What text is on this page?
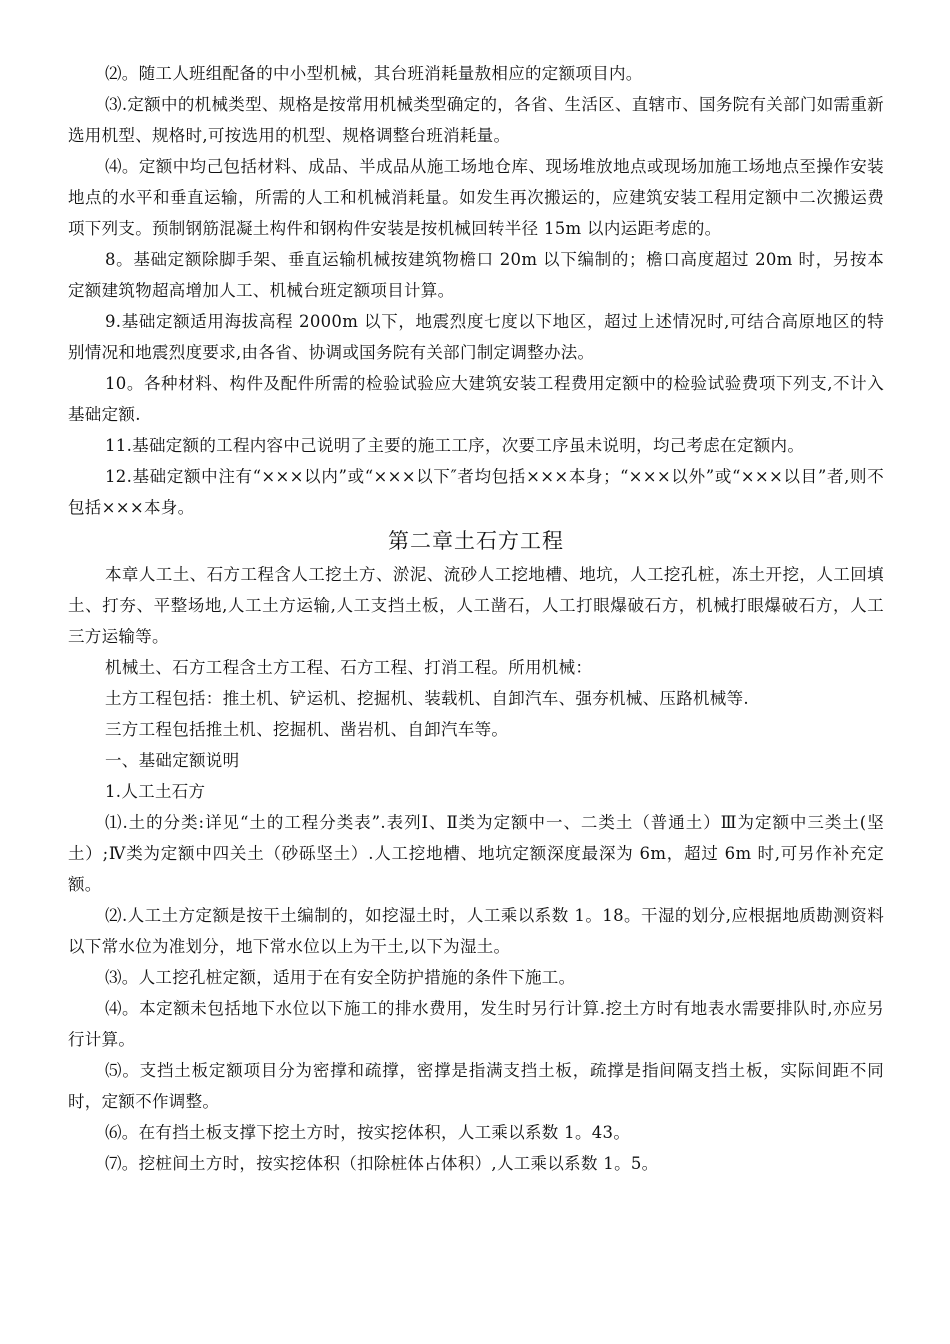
⑵。随工人班组配备的中小型机械，其台班消耗量敖相应的定额项目内。

⑶.定额中的机械类型、规格是按常用机械类型确定的，各省、生活区、直辖市、国务院有关部门如需重新选用机型、规格时,可按选用的机型、规格调整台班消耗量。

⑷。定额中均己包括材料、成品、半成品从施工场地仓库、现场堆放地点或现场加施工场地点至操作安装地点的水平和垂直运输，所需的人工和机械消耗量。如发生再次搬运的，应建筑安装工程用定额中二次搬运费项下列支。预制钢筋混凝土构件和钢构件安装是按机械回转半径 15m 以内运距考虑的。

8。基础定额除脚手架、垂直运输机械按建筑物檐口 20m 以下编制的；檐口高度超过 20m 时，另按本定额建筑物超高增加人工、机械台班定额项目计算。

9.基础定额适用海拔高程 2000m 以下，地震烈度七度以下地区，超过上述情况时,可结合高原地区的特别情况和地震烈度要求,由各省、协调或国务院有关部门制定调整办法。

10。各种材料、构件及配件所需的检验试验应大建筑安装工程费用定额中的检验试验费项下列支,不计入基础定额.

11.基础定额的工程内容中己说明了主要的施工工序，次要工序虽未说明，均己考虑在定额内。

12.基础定额中注有“×××以内”或“×××以下″者均包括×××本身；“×××以外”或“×××以目”者,则不包括×××本身。

第二章土石方工程

本章人工土、石方工程含人工挖土方、淤泥、流砂人工挖地槽、地坑，人工挖孔桩，冻土开挖，人工回填土、打夯、平整场地,人工土方运输,人工支挡土板，人工凿石，人工打眼爆破石方，机械打眼爆破石方，人工三方运输等。

机械土、石方工程含土方工程、石方工程、打消工程。所用机械：

土方工程包括：推土机、铲运机、挖掘机、装载机、自卸汽车、强夯机械、压路机械等.

三方工程包括推土机、挖掘机、凿岩机、自卸汽车等。

一、基础定额说明

1.人工土石方

⑴.土的分类:详见“土的工程分类表”.表列Ⅰ、Ⅱ类为定额中一、二类土（普通土）Ⅲ为定额中三类土(坚土）;Ⅳ类为定额中四关土（砂砾坚土）.人工挖地槽、地坑定额深度最深为 6m，超过 6m 时,可另作补充定额。

⑵.人工土方定额是按干土编制的，如挖湿土时，人工乘以系数 1。18。干湿的划分,应根据地质勘测资料以下常水位为准划分，地下常水位以上为干土,以下为湿土。

⑶。人工挖孔桩定额，适用于在有安全防护措施的条件下施工。

⑷。本定额未包括地下水位以下施工的排水费用，发生时另行计算.挖土方时有地表水需要排队时,亦应另行计算。

⑸。支挡土板定额项目分为密撑和疏撑，密撑是指满支挡土板，疏撑是指间隔支挡土板，实际间距不同时，定额不作调整。

⑹。在有挡土板支撑下挖土方时，按实挖体积，人工乘以系数 1。43。

⑺。挖桩间土方时，按实挖体积（扣除桩体占体积）,人工乘以系数 1。5。
